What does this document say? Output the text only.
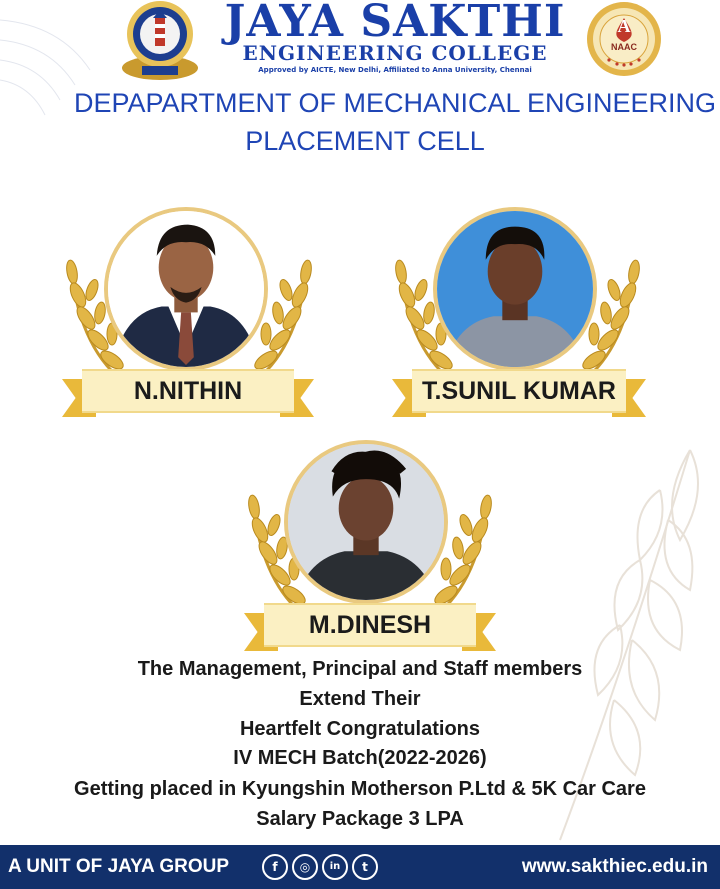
JAYA SAKTHI
ENGINEERING COLLEGE
Approved by AICTE, New Delhi, Affiliated to Anna University, Chennai
A
NAAC
DEPAPARTMENT OF MECHANICAL ENGINEERING
PLACEMENT CELL
N.NITHIN	T.SUNIL KUMAR
M.DINESH
The Management, Principal and Staff members
Extend Their
Heartfelt Congratulations
IV MECH Batch(2022-2026)
Getting placed in Kyungshin Motherson P.Ltd & 5K Car Care
Salary Package 3 LPA
A UNIT OF JAYA GROUP	f	◎	in	t	www.sakthiec.edu.in
